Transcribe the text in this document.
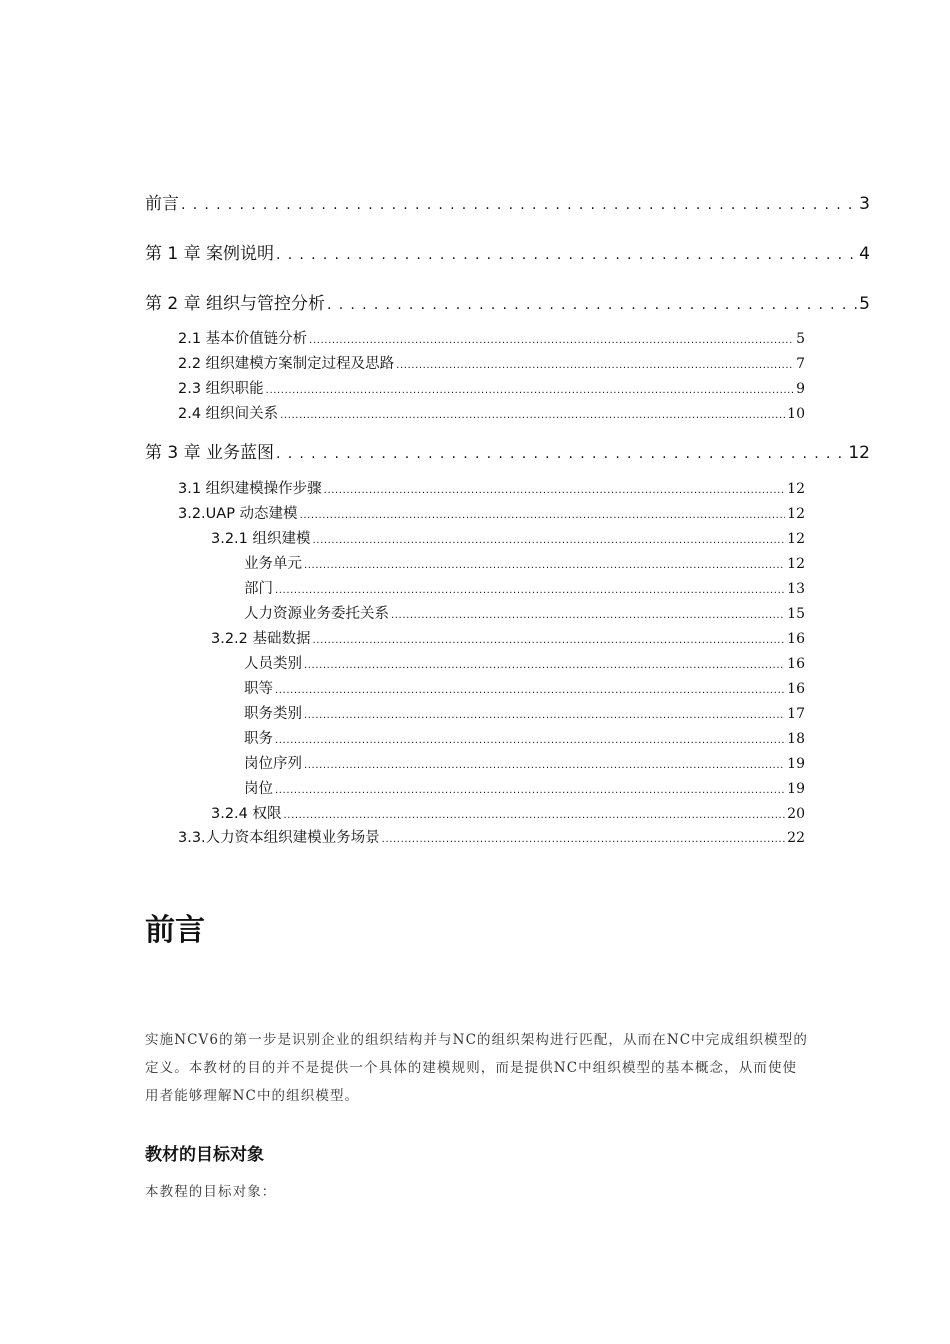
前言 . . .	3
第 1 章 案例说明 . . .	4
第 2 章 组织与管控分析 . . .	5
2.1 基本价值链分析 .....	5
2.2 组织建模方案制定过程及思路 .....	7
2.3 组织职能 .....	9
2.4 组织间关系 .....	10
第 3 章 业务蓝图 . . .	12
3.1 组织建模操作步骤 .....	12
3.2.UAP 动态建模 .....	12
3.2.1 组织建模 .....	12
业务单元 .....	12
部门 .....	13
人力资源业务委托关系 .....	15
3.2.2 基础数据 .....	16
人员类别 .....	16
职等 .....	16
职务类别 .....	17
职务 .....	18
岗位序列 .....	19
岗位 .....	19
3.2.4 权限 .....	20
3.3.人力资本组织建模业务场景 .....	22
前言

实施NCV6的第一步是识别企业的组织结构并与NC的组织架构进行匹配，从而在NC中完成组织模型的定义。本教材的目的并不是提供一个具体的建模规则，而是提供NC中组织模型的基本概念，从而使使用者能够理解NC中的组织模型。

教材的目标对象

本教程的目标对象：
